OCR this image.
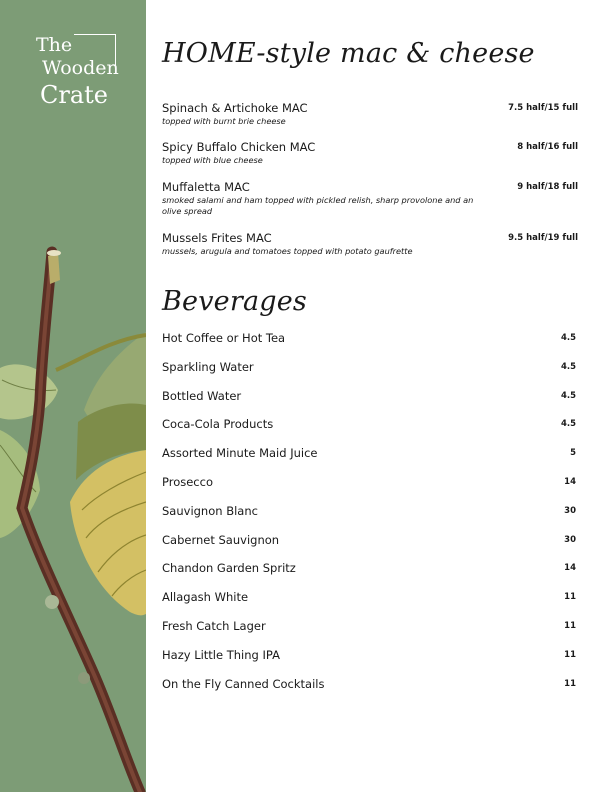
The
Wooden
Crate
HOME-style mac & cheese
Spinach & Artichoke MAC
topped with burnt brie cheese
7.5 half/15 full
Spicy Buffalo Chicken MAC
topped with blue cheese
8 half/16 full
Muffaletta MAC
smoked salami and ham topped with pickled relish, sharp provolone and an olive spread
9 half/18 full
Mussels Frites MAC
mussels, arugula and tomatoes topped with potato gaufrette
9.5 half/19 full
Beverages
Hot Coffee or Hot Tea	4.5
Sparkling Water	4.5
Bottled Water	4.5
Coca-Cola Products	4.5
Assorted Minute Maid Juice	5
Prosecco	14
Sauvignon Blanc	30
Cabernet Sauvignon	30
Chandon Garden Spritz	14
Allagash White	11
Fresh Catch Lager	11
Hazy Little Thing IPA	11
On the Fly Canned Cocktails	11
